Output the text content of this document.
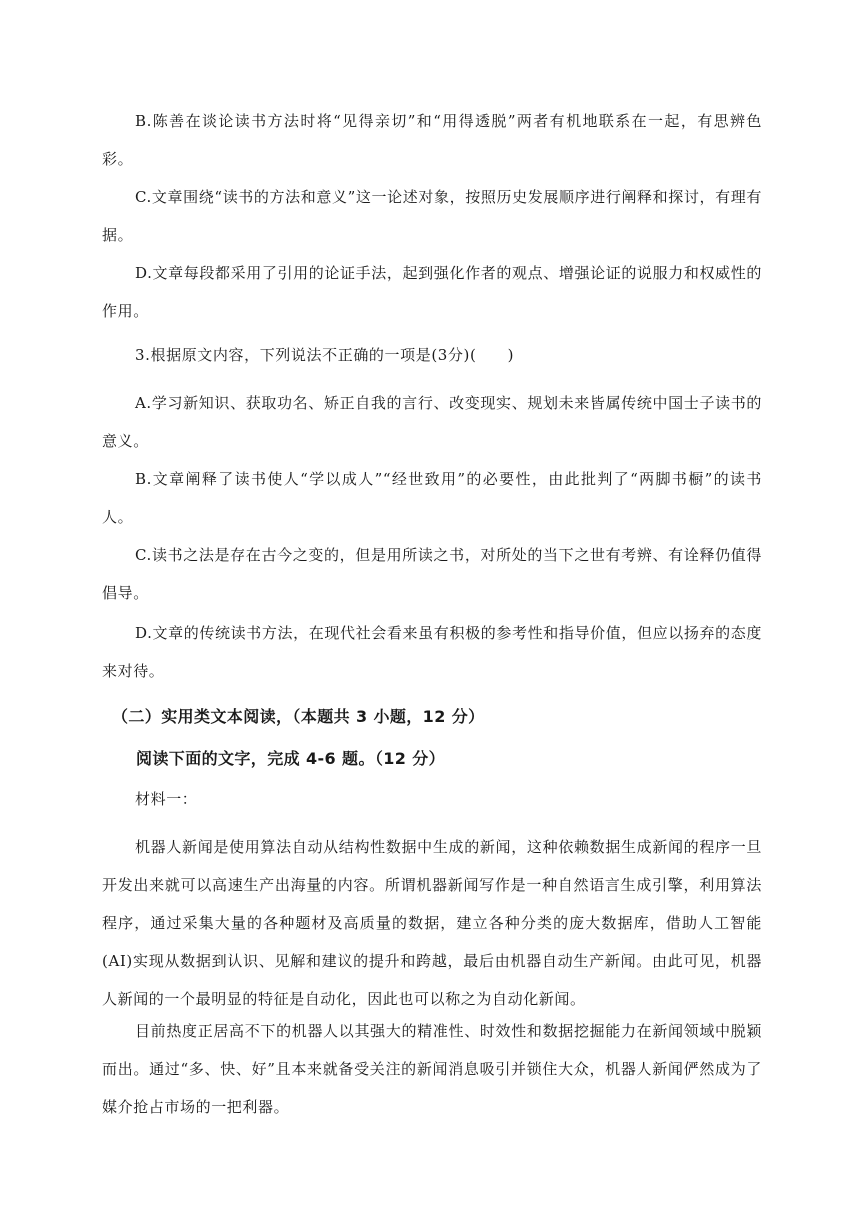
B.陈善在谈论读书方法时将“见得亲切”和“用得透脱”两者有机地联系在一起，有思辨色彩。

C.文章围绕“读书的方法和意义”这一论述对象，按照历史发展顺序进行阐释和探讨，有理有据。

D.文章每段都采用了引用的论证手法，起到强化作者的观点、增强论证的说服力和权威性的作用。

3.根据原文内容，下列说法不正确的一项是(3分)(　　)

A.学习新知识、获取功名、矫正自我的言行、改变现实、规划未来皆属传统中国士子读书的意义。

B.文章阐释了读书使人“学以成人”“经世致用”的必要性，由此批判了“两脚书橱”的读书人。

C.读书之法是存在古今之变的，但是用所读之书，对所处的当下之世有考辨、有诠释仍值得倡导。

D.文章的传统读书方法，在现代社会看来虽有积极的参考性和指导价值，但应以扬弃的态度来对待。

（二）实用类文本阅读，（本题共 3 小题，12 分）

阅读下面的文字，完成 4-6 题。（12 分）

材料一：

机器人新闻是使用算法自动从结构性数据中生成的新闻，这种依赖数据生成新闻的程序一旦开发出来就可以高速生产出海量的内容。所谓机器新闻写作是一种自然语言生成引擎，利用算法程序，通过采集大量的各种题材及高质量的数据，建立各种分类的庞大数据库，借助人工智能(AI)实现从数据到认识、见解和建议的提升和跨越，最后由机器自动生产新闻。由此可见，机器人新闻的一个最明显的特征是自动化，因此也可以称之为自动化新闻。

目前热度正居高不下的机器人以其强大的精准性、时效性和数据挖掘能力在新闻领域中脱颖而出。通过“多、快、好”且本来就备受关注的新闻消息吸引并锁住大众，机器人新闻俨然成为了媒介抢占市场的一把利器。
